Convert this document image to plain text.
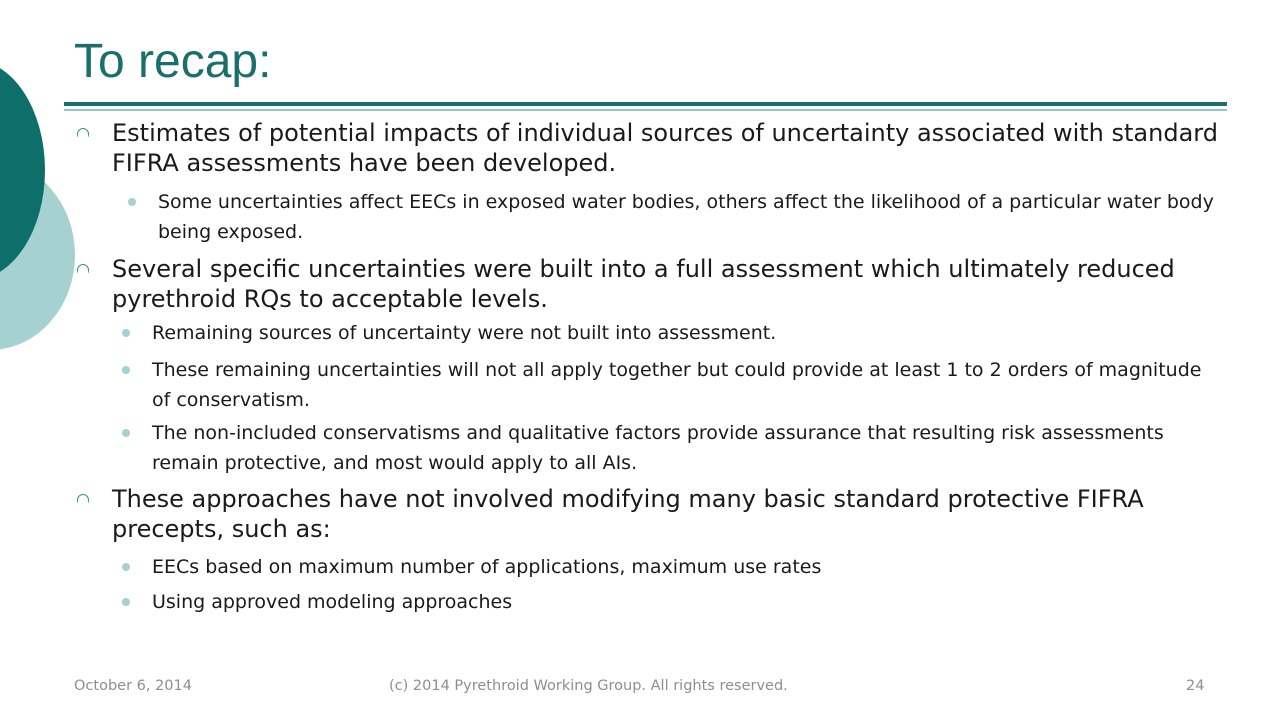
To recap:
Estimates of potential impacts of individual sources of uncertainty associated with standard FIFRA assessments have been developed.
Some uncertainties affect EECs in exposed water bodies, others affect the likelihood of a particular water body being exposed.
Several specific uncertainties were built into a full assessment which ultimately reduced pyrethroid RQs to acceptable levels.
Remaining sources of uncertainty were not built into assessment.
These remaining uncertainties will not all apply together but could provide at least 1 to 2 orders of magnitude of conservatism.
The non-included conservatisms and qualitative factors provide assurance that resulting risk assessments remain protective, and most would apply to all AIs.
These approaches have not involved modifying many basic standard protective FIFRA precepts, such as:
EECs based on maximum number of applications, maximum use rates
Using approved modeling approaches
October 6, 2014	(c) 2014 Pyrethroid Working Group. All rights reserved.	24
